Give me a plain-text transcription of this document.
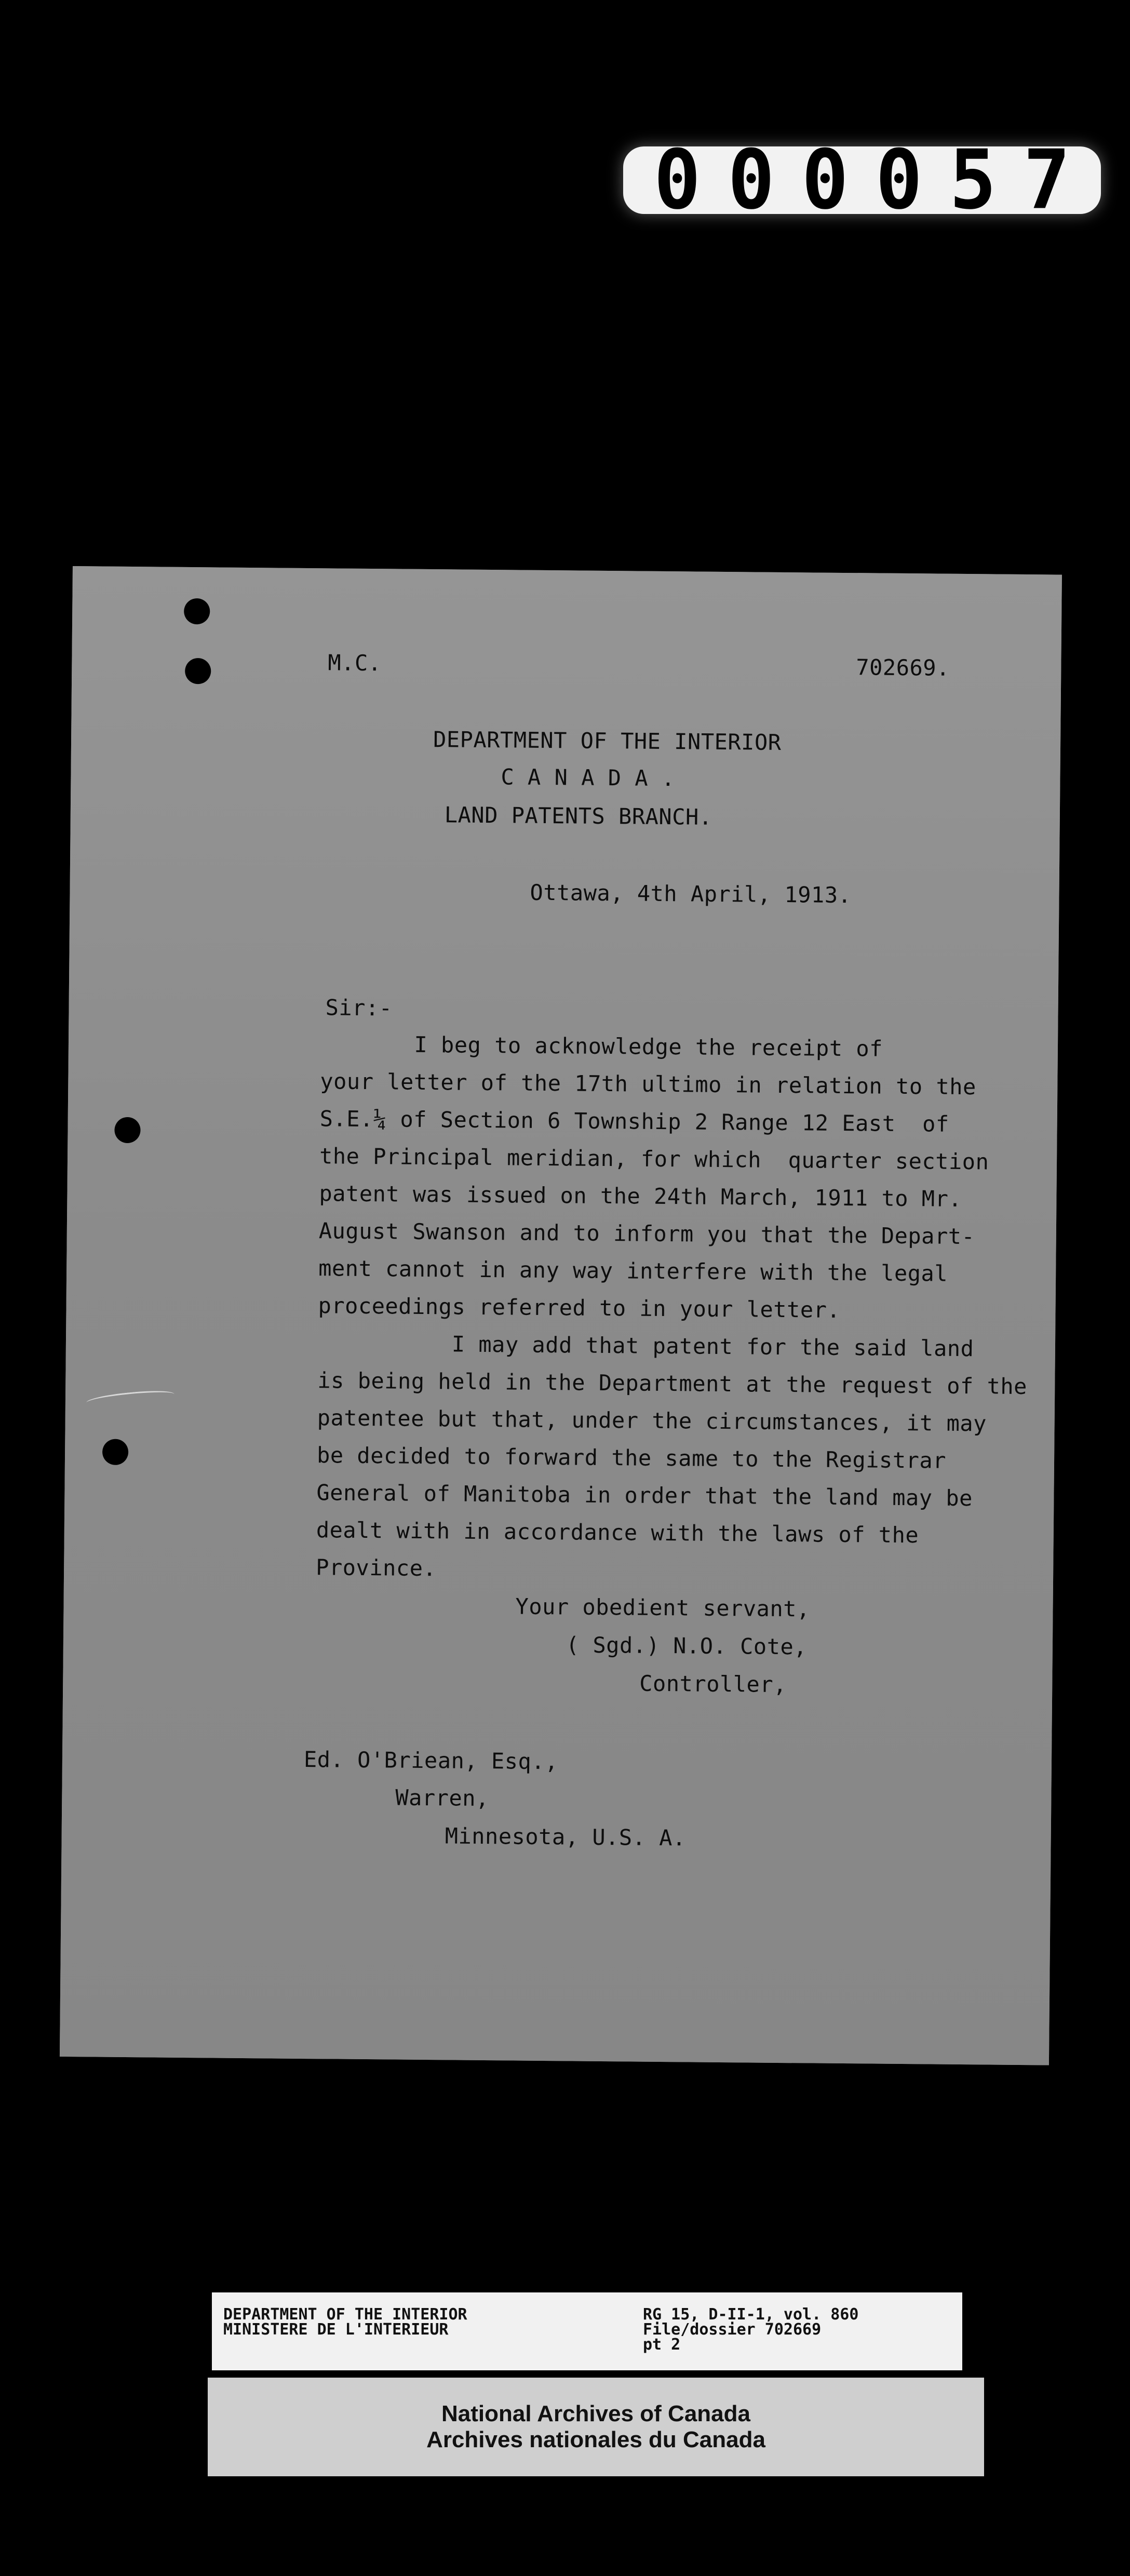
000057
M.C.	702669.
DEPARTMENT OF THE INTERIOR
C A N A D A .
LAND PATENTS BRANCH.
Ottawa, 4th April, 1913.
Sir:-
I beg to acknowledge the receipt of
your letter of the 17th ultimo in relation to the
S.E.¼ of Section 6 Township 2 Range 12 East  of
the Principal meridian, for which  quarter section
patent was issued on the 24th March, 1911 to Mr.
August Swanson and to inform you that the Depart-
ment cannot in any way interfere with the legal
proceedings referred to in your letter.
I may add that patent for the said land
is being held in the Department at the request of the
patentee but that, under the circumstances, it may
be decided to forward the same to the Registrar
General of Manitoba in order that the land may be
dealt with in accordance with the laws of the
Province.
Your obedient servant,
( Sgd.) N.O. Cote,
Controller,
Ed. O'Briean, Esq.,
Warren,
Minnesota, U.S. A.
DEPARTMENT OF THE INTERIOR
MINISTERE DE L'INTERIEUR
RG 15, D-II-1, vol. 860
File/dossier 702669
pt 2
National Archives of Canada
Archives nationales du Canada
